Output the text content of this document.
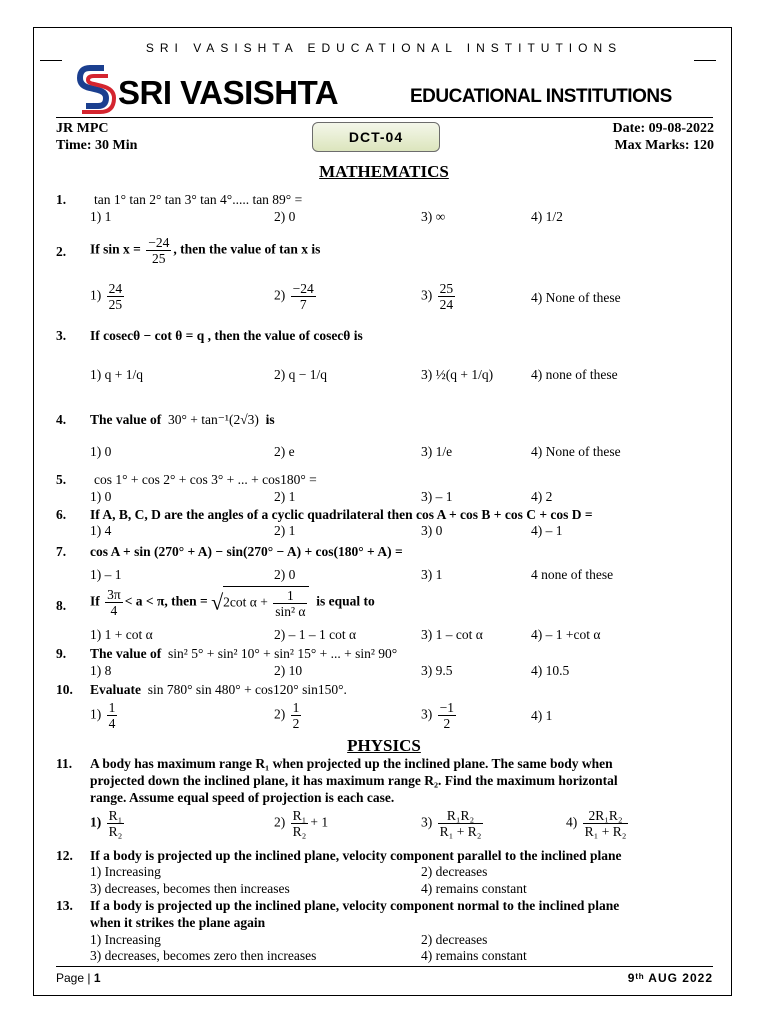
SRI VASISHTA EDUCATIONAL INSTITUTIONS
SRI VASISHTA	EDUCATIONAL INSTITUTIONS
JR MPC
Time: 30 Min
DCT-04
Date: 09-08-2022
Max Marks: 120
MATHEMATICS
1. tan 1° tan 2° tan 3° tan 4°..... tan 89° =
1) 1	2) 0	3) ∞	4) 1/2
2. If $\sin x = \frac{-24}{25}$ , then the value of tan x is
$1) \frac{24}{25}$	$2) \frac{-24}{7}$	$3) \frac{25}{24}$	4) None of these
3. If cosecθ − cot θ = q , then the value of cosecθ is
1) q + 1/q	2) q − 1/q	3) ½(q + 1/q)	4) none of these
4. The value of 30° + tan⁻¹(2√3) is
1) 0	2) e	3) 1/e	4) None of these
5. cos 1° + cos 2° + cos 3° + ... + cos180° =
1) 0	2) 1	3) – 1	4) 2
6. If A, B, C, D are the angles of a cyclic quadrilateral then cos A + cos B + cos C + cos D =
1) 4	2) 1	3) 0	4) – 1
7. cos A + sin (270° + A) − sin(270° − A) + cos(180° + A) =
1) – 1	2) 0	3) 1	4 none of these
8. If $\frac{3\pi}{4} < a < \pi$, then = √2cot $\alpha + \frac{1}{\text{sin² α}}$ is equal to
1) 1 + cot α	2) – 1 – 1 cot α	3) 1 – cot α	4) – 1 +cot α
9. The value of sin² 5° + sin² 10° + sin² 15° + ... + sin² 90°
1) 8	2) 10	3) 9.5	4) 10.5
10. Evaluate sin 780° sin 480° + cos120° sin150°.
$1) \frac{1}{4}$	$2) \frac{1}{2}$	$3) \frac{-1}{2}$	4) 1
PHYSICS
11. A body has maximum range R₁ when projected up the inclined plane. The same body when
projected down the inclined plane, it has maximum range R₂. Find the maximum horizontal
range. Assume equal speed of projection is each case.
$1) \frac{\text{R₁}}{\text{R₂}}$	$2) \frac{\text{R₁}}{\text{R₂}} + 1$	$3) \frac{\text{R₁R₂}}{\text{R₁ + R₂}}$	$4) \frac{\text{2R₁R₂}}{\text{R₁ + R₂}}$
12. If a body is projected up the inclined plane, velocity component parallel to the inclined plane
1) Increasing	2) decreases
3) decreases, becomes then increases	4) remains constant
13. If a body is projected up the inclined plane, velocity component normal to the inclined plane
when it strikes the plane again
1) Increasing	2) decreases
3) decreases, becomes zero then increases	4) remains constant
Page | 1	9ᵗʰ AUG 2022
